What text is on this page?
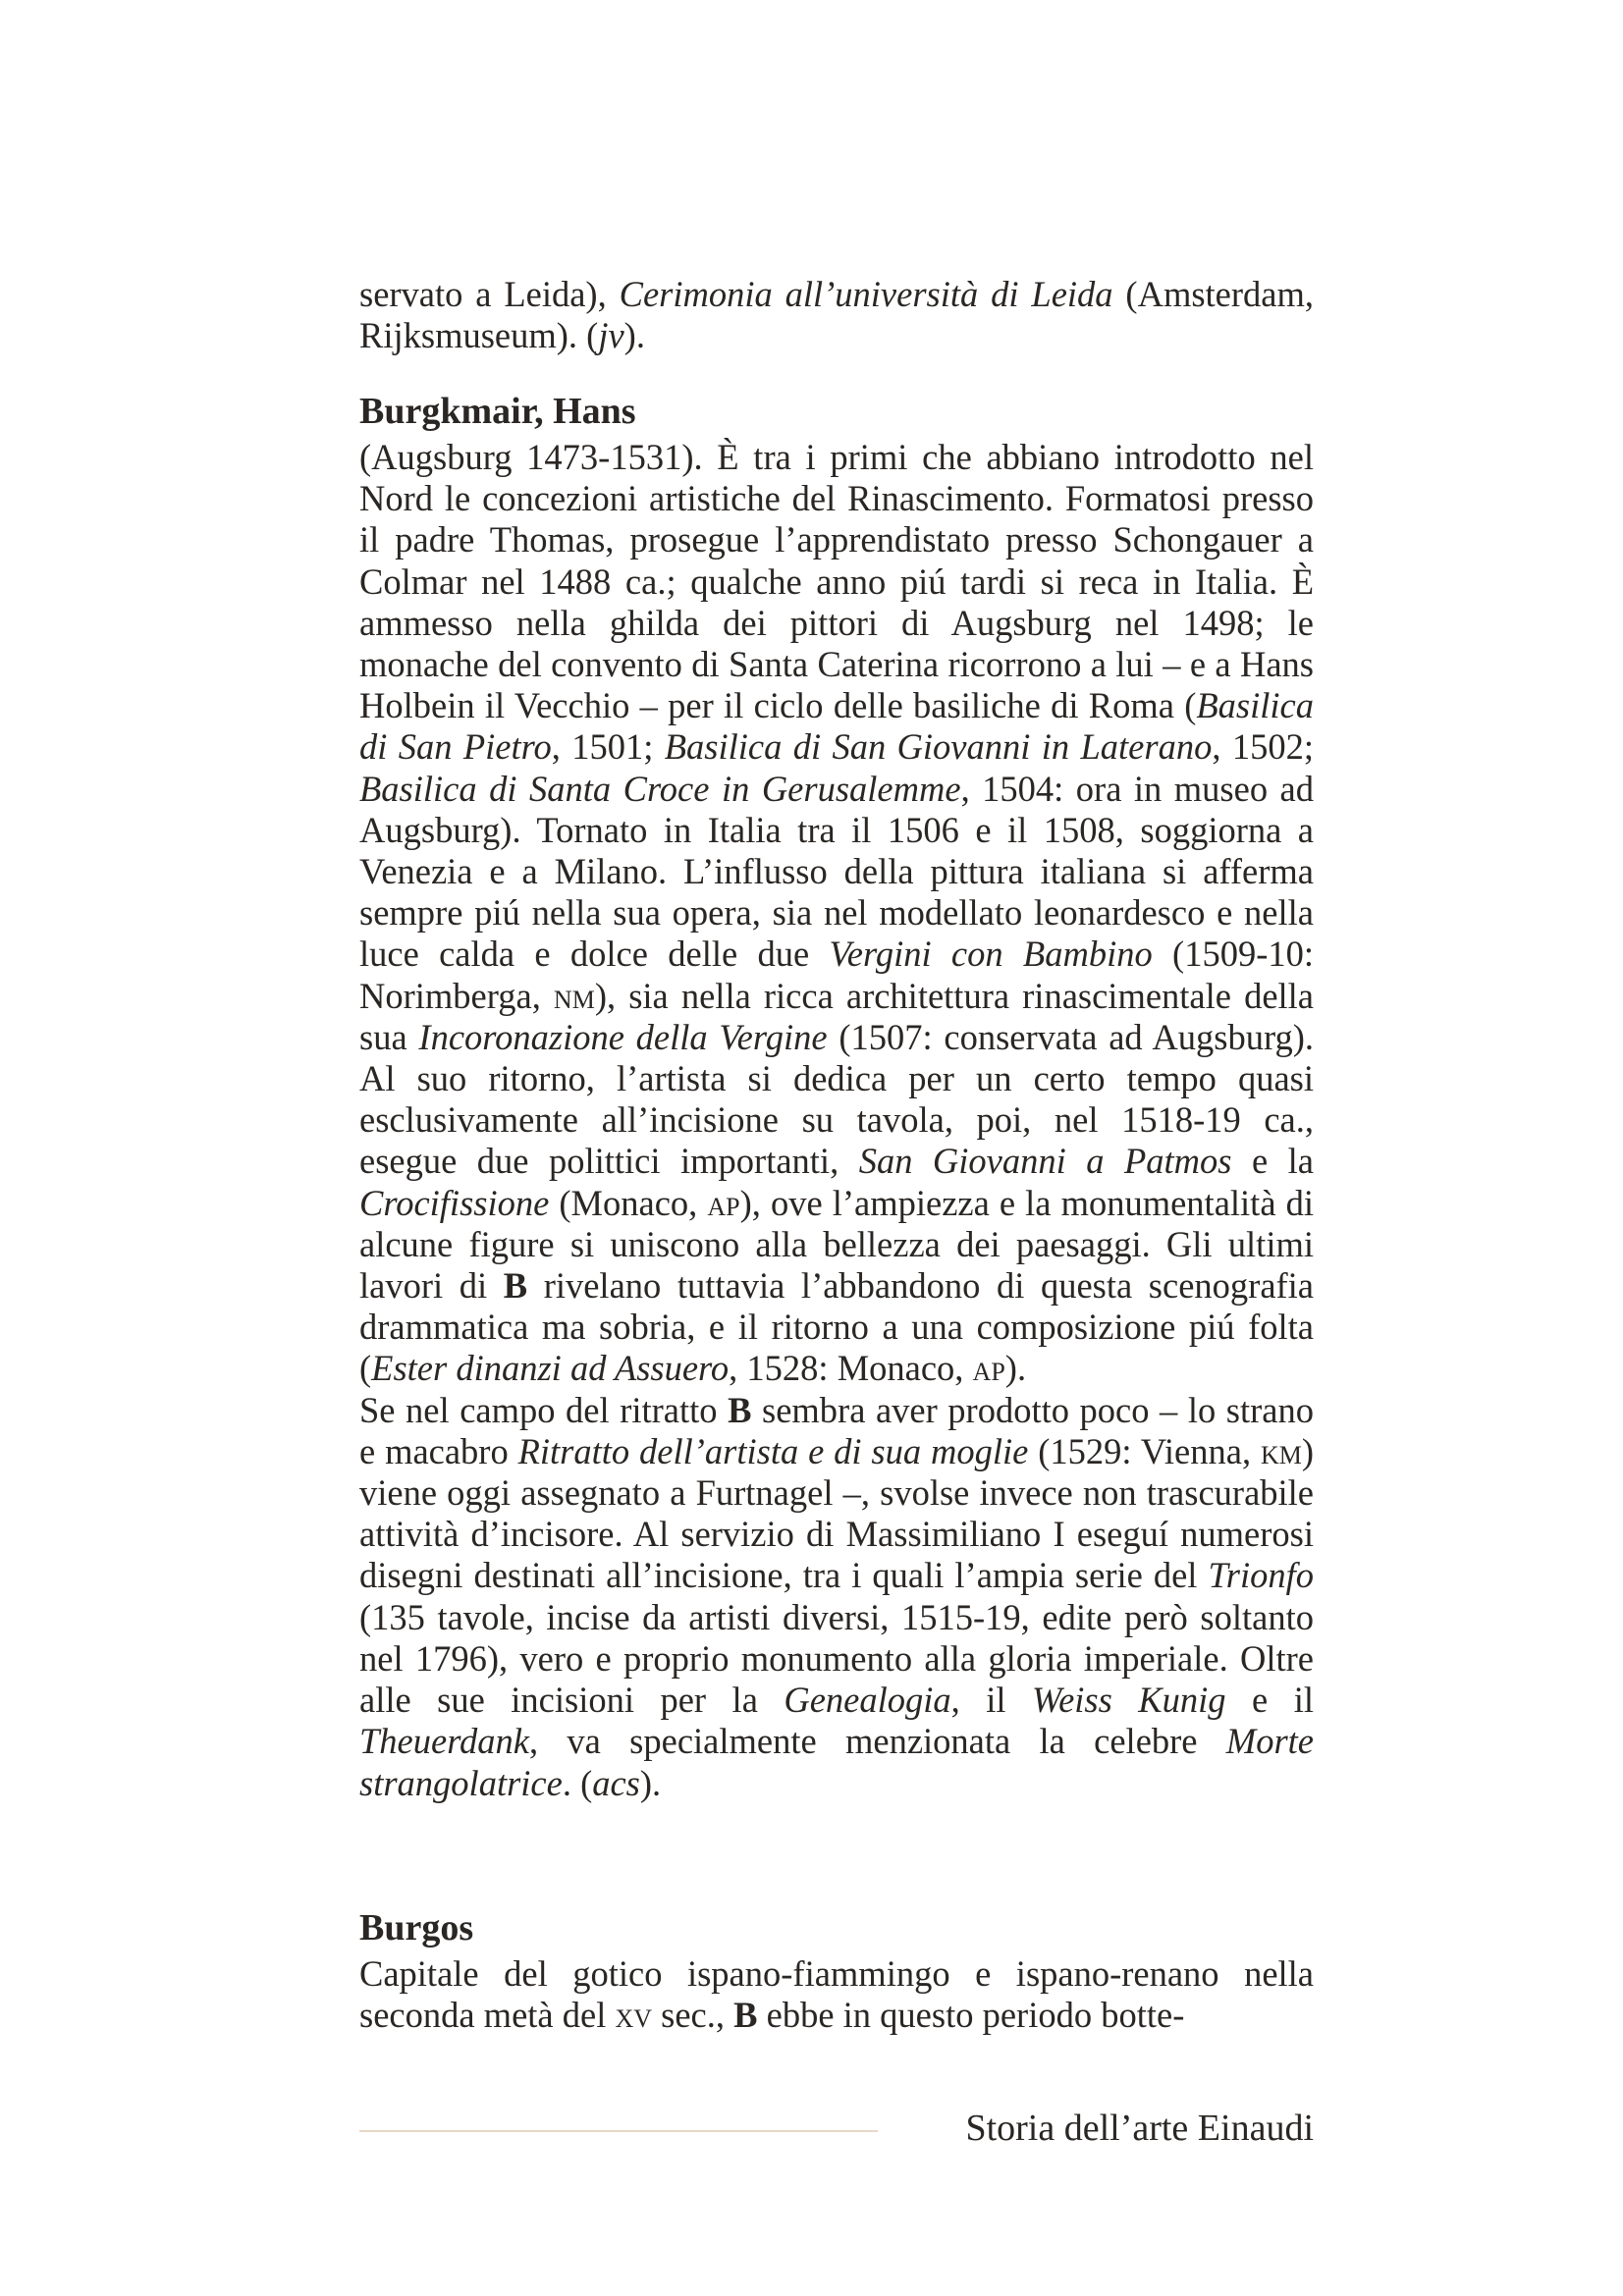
servato a Leida), Cerimonia all’università di Leida (Amsterdam, Rijksmuseum). (jv).

Burgkmair, Hans

(Augsburg 1473-1531). È tra i primi che abbiano introdotto nel Nord le concezioni artistiche del Rinascimento. Formatosi presso il padre Thomas, prosegue l’apprendistato presso Schongauer a Colmar nel 1488 ca.; qualche anno piú tardi si reca in Italia. È ammesso nella ghilda dei pittori di Augsburg nel 1498; le monache del convento di Santa Caterina ricorrono a lui – e a Hans Holbein il Vecchio – per il ciclo delle basiliche di Roma (Basilica di San Pietro, 1501; Basilica di San Giovanni in Laterano, 1502; Basilica di Santa Croce in Gerusalemme, 1504: ora in museo ad Augsburg). Tornato in Italia tra il 1506 e il 1508, soggiorna a Venezia e a Milano. L’influsso della pittura italiana si afferma sempre piú nella sua opera, sia nel modellato leonardesco e nella luce calda e dolce delle due Vergini con Bambino (1509-10: Norimberga, nm), sia nella ricca architettura rinascimentale della sua Incoronazione della Vergine (1507: conservata ad Augsburg). Al suo ritorno, l’artista si dedica per un certo tempo quasi esclusivamente all’incisione su tavola, poi, nel 1518-19 ca., esegue due polittici importanti, San Giovanni a Patmos e la Crocifissione (Monaco, ap), ove l’ampiezza e la monumentalità di alcune figure si uniscono alla bellezza dei paesaggi. Gli ultimi lavori di B rivelano tuttavia l’abbandono di questa scenografia drammatica ma sobria, e il ritorno a una composizione piú folta (Ester dinanzi ad Assuero, 1528: Monaco, ap).

Se nel campo del ritratto B sembra aver prodotto poco – lo strano e macabro Ritratto dell’artista e di sua moglie (1529: Vienna, km) viene oggi assegnato a Furtnagel –, svolse invece non trascurabile attività d’incisore. Al servizio di Massimiliano I eseguí numerosi disegni destinati all’incisione, tra i quali l’ampia serie del Trionfo (135 tavole, incise da artisti diversi, 1515-19, edite però soltanto nel 1796), vero e proprio monumento alla gloria imperiale. Oltre alle sue incisioni per la Genealogia, il Weiss Kunig e il Theuerdank, va specialmente menzionata la celebre Morte strangolatrice. (acs).

Burgos

Capitale del gotico ispano-fiammingo e ispano-renano nella seconda metà del xv sec., B ebbe in questo periodo botte-

Storia dell’arte Einaudi
